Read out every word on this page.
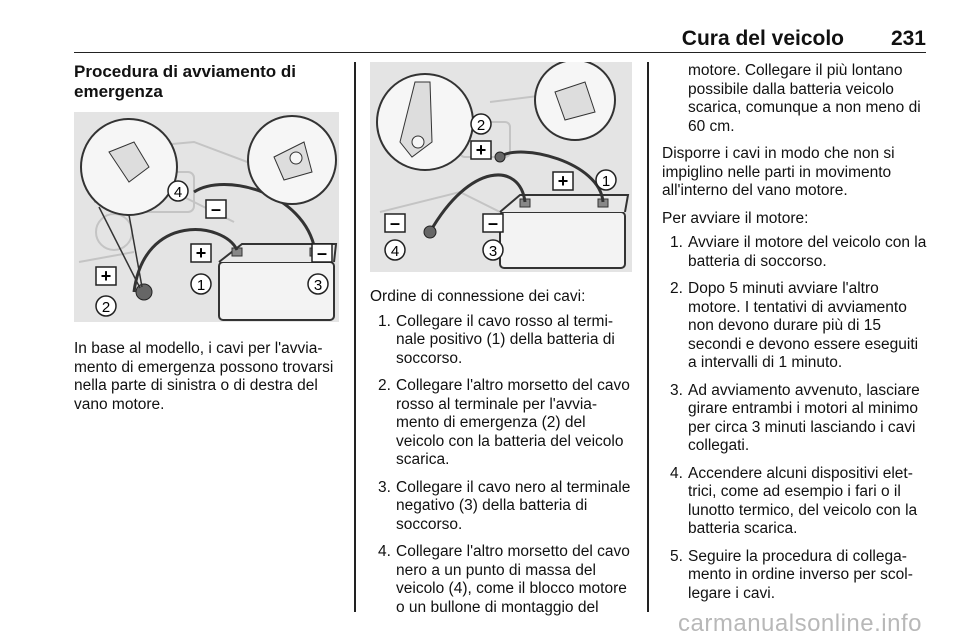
Cura del veicolo 231
Procedura di avviamento di emergenza
4
–
–
3
+
1
+
2

In base al modello, i cavi per l'avvia-mento di emergenza possono trovarsi nella parte di sinistra o di destra del vano motore.

2
+
+ 1
–
3
–
4

Ordine di connessione dei cavi:

1. Collegare il cavo rosso al termi-nale positivo (1) della batteria di soccorso.
2. Collegare l'altro morsetto del cavo rosso al terminale per l'avvia-mento di emergenza (2) del veicolo con la batteria del veicolo scarica.
3. Collegare il cavo nero al terminale negativo (3) della batteria di soccorso.
4. Collegare l'altro morsetto del cavo nero a un punto di massa del veicolo (4), come il blocco motore o un bullone di montaggio del

motore. Collegare il più lontano possibile dalla batteria veicolo scarica, comunque a non meno di 60 cm.

Disporre i cavi in modo che non si impiglino nelle parti in movimento all'interno del vano motore.

Per avviare il motore:

1. Avviare il motore del veicolo con la batteria di soccorso.
2. Dopo 5 minuti avviare l'altro motore. I tentativi di avviamento non devono durare più di 15 secondi e devono essere eseguiti a intervalli di 1 minuto.
3. Ad avviamento avvenuto, lasciare girare entrambi i motori al minimo per circa 3 minuti lasciando i cavi collegati.
4. Accendere alcuni dispositivi elet-trici, come ad esempio i fari o il lunotto termico, del veicolo con la batteria scarica.
5. Seguire la procedura di collega-mento in ordine inverso per scol-legare i cavi.
carmanualsonline.info
